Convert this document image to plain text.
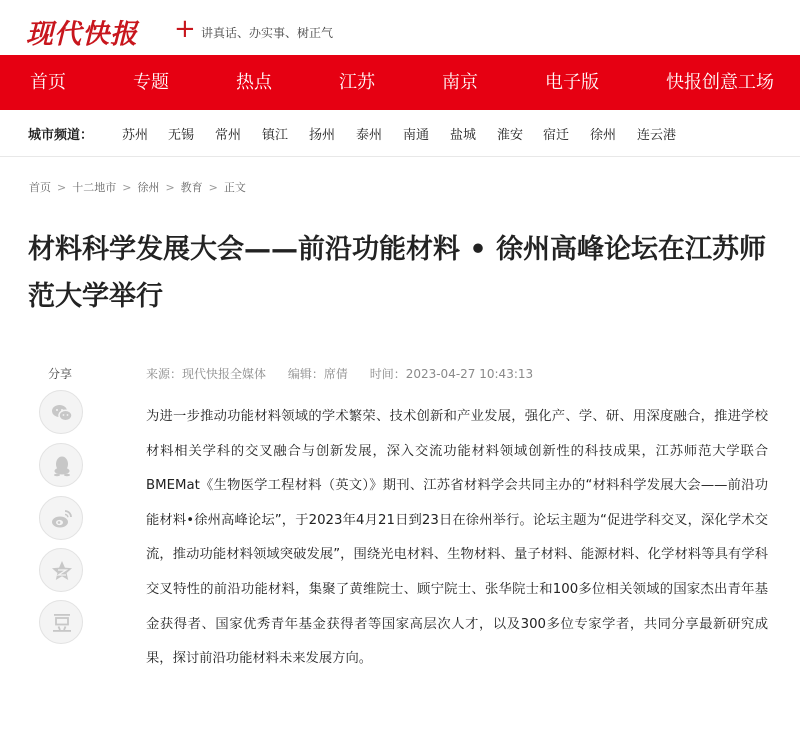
现代快报 + 讲真话、办实事、树正气
首页	专题	热点	江苏	南京	电子版	快报创意工场
城市频道： 苏州 无锡 常州 镇江 扬州 泰州 南通 盐城 淮安 宿迁 徐州 连云港
首页 > 十二地市 > 徐州 > 教育 > 正文
材料科学发展大会——前沿功能材料 • 徐州高峰论坛在江苏师范大学举行
分享	来源：现代快报全媒体 编辑：席倩 时间：2023-04-27 10:43:13

为进一步推动功能材料领域的学术繁荣、技术创新和产业发展，强化产、学、研、用深度融合，推进学校材料相关学科的交叉融合与创新发展，深入交流功能材料领域创新性的科技成果，江苏师范大学联合BMEMat《生物医学工程材料（英文）》期刊、江苏省材料学会共同主办的“材料科学发展大会——前沿功能材料•徐州高峰论坛”，于2023年4月21日到23日在徐州举行。论坛主题为“促进学科交叉，深化学术交流，推动功能材料领域突破发展”，围绕光电材料、生物材料、量子材料、能源材料、化学材料等具有学科交叉特性的前沿功能材料，集聚了黄维院士、顾宁院士、张华院士和100多位相关领域的国家杰出青年基金获得者、国家优秀青年基金获得者等国家高层次人才，以及300多位专家学者，共同分享最新研究成果，探讨前沿功能材料未来发展方向。
